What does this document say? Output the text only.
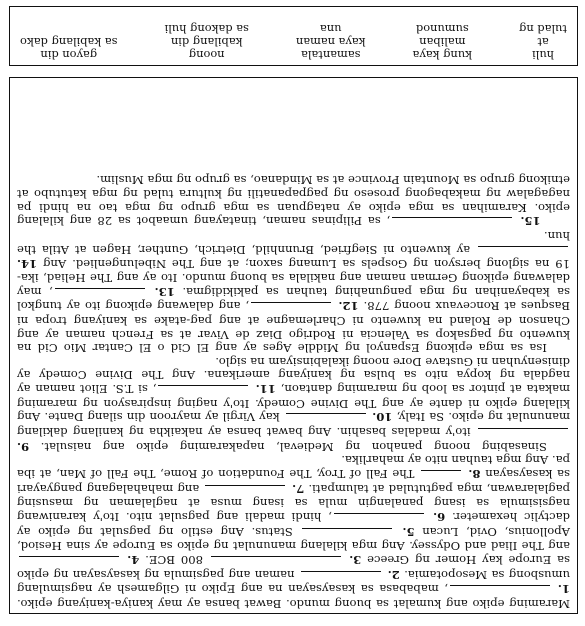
Maraming epiko ang kumalat sa buong mundo. Bawat bansa ay may kaniya-kaniyang epiko. 1. , mababasa sa kasaysayan na ang Epiko ni Gilgamesh ay nagsimulang umusbong sa Mesopotamia. 2.  naman ang pagsimula ng kasaysayan ng epiko sa Europe kay Homer ng Greece 3.  800 BCE. 4.  ang The Iliad and Odyssey. Ang mga kilalang manunulat ng epiko sa Europe ay sina Hesiod, Apollonius, Ovid, Lucan 5.  Status. Ang estilo ng pagsulat ng epiko ay dactylic hexameter. 6. , hindi madali ang pagsulat nito. Ito'y karaniwang nagsisimula sa isang panalangin mula sa isang musa at naglalaman ng masusing paglalarawan, mga pagtutulad at talumpati. 7.  ang mahahalagang pangyayari sa kasaysayan 8.  The Fall of Troy, The Foundation of Rome, The Fall of Man, at iba pa. Ang mga tauhan nito ay maharlika.
  Sinasabing noong panahon ng Medieval, napakaraming epiko ang naisulat. 9.  ito'y madalas basahin. Ang bawat bansa ay nakaikha ng kanilang dakilang manunulat ng epiko. Sa Italy, 10.  kay Virgil ay mayroon din silang Dante. Ang kilalang epiko ni dante ay ang The Divine Comedy. Ito'y naging inspirasyon ng maraming makata at pintor sa loob ng maraming dantaon, 11. , si T.S. Eliot naman ay nagdala ng kopya nito sa bulsa ng kaniyang amerikana. Ang The Divine Comedy ay dinisenyuhan ni Gustave Dore noong ikalabinsiyam na siglo.
  Isa sa mga epikong Espanyol ng Middle Ages ay ang El Cid o El Cantar Mio Cid na kuwento ng pagsakop sa Valencia ni Rodrigo Diaz de Vivar at sa French naman ay ang Chanson de Roland na kuwento ni Charlemagne at ang pag-atake sa kaniyang tropa ni Basques at Roncevaux noong 778. 12. , ang dalawang epikong ito ay tungkol sa kabayanihan ng mga pangunahing tauhan sa pakikidigma. 13. , may dalawang epikong German naman ang nakilala sa buong mundo. Ito ay ang The Heliad, ika-19 na siglong bersyon ng Gospels sa Lumang saxon; at ang The Nibelungenlied. Ang 14.  ay kuwento ni Siegfried, Brunnhild, Dietrich, Gunther, Hagen at Atila the hun.
   15. , sa Pilipinas naman, tinatayang umaabot sa 28 ang kilalang epiko. Karamihan sa mga epiko ay natagpuan sa mga grupo ng mga tao na hindi pa nagagalaw ng makabagong proseso ng pagpapanatili ng kultura tulad ng mga katutubo at etnikong grupo sa Mountain Province at sa Mindanao, sa grupo ng mga Muslim.

huli
at
tulad ng
kung kaya
maliban
sumunod
samantala
kaya naman
una
noong
kabilang din
sa dakong huli
gayon din
sa kabilang dako
